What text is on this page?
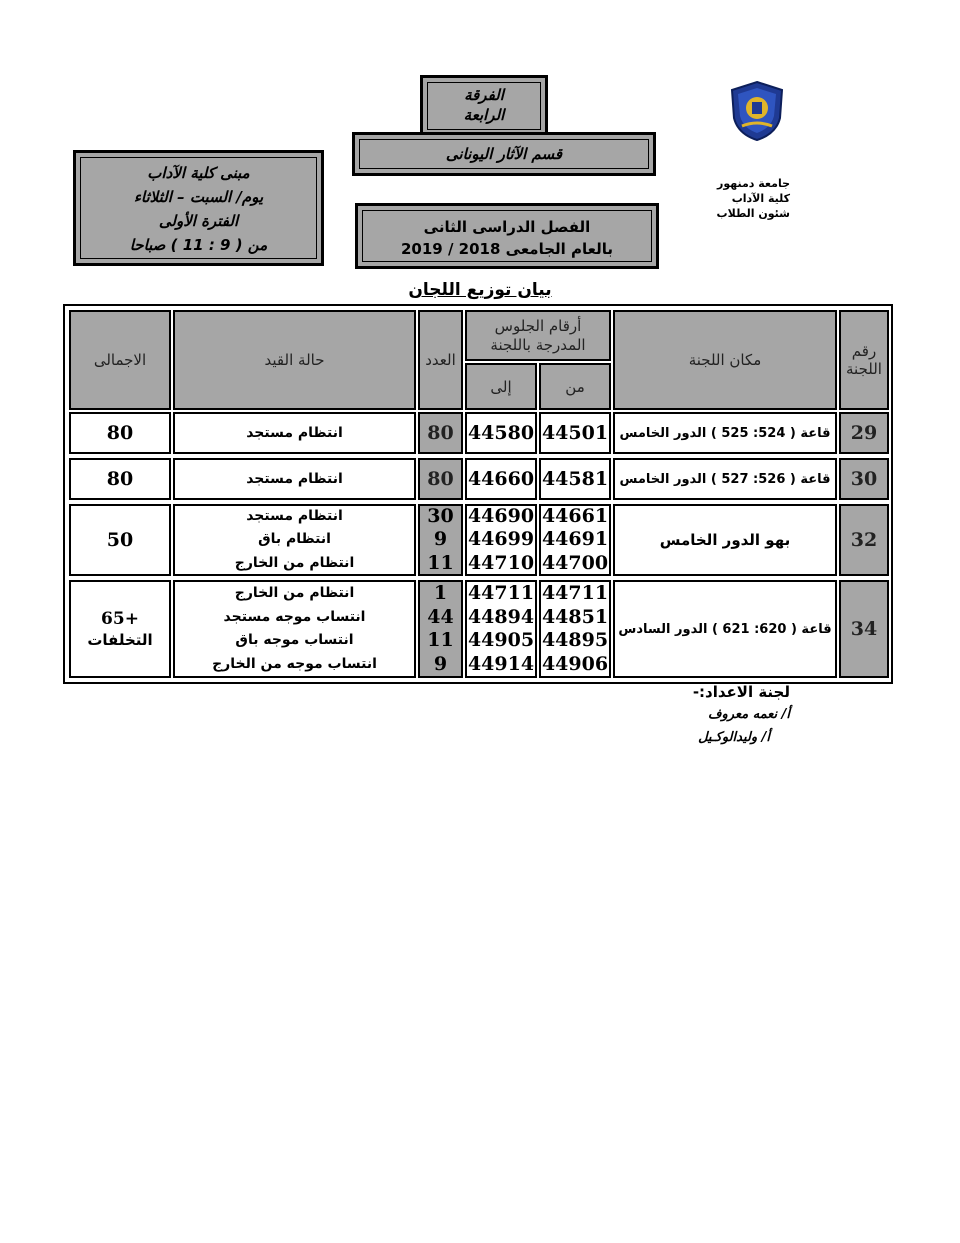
جامعة دمنهور
كلية الآداب
شئون الطلاب
الفرقة
الرابعة
قسم الآثار اليونانى
مبنى كلية الآداب
يوم/ السبت – الثلاثاء
الفترة الأولى
من ( 9 : 11 ) صباحا
الفصل الدراسى الثانى
بالعام الجامعى 2018 / 2019
بيان توزيع اللجان
رقم
اللجنة
مكان اللجنة
أرقام الجلوس
المدرجة باللجنة
من
إلى
العدد
حالة القيد
الاجمالى
29
قاعة ( 524: 525 ) الدور الخامس
44501
44580
80
انتظام مستجد
80
30
قاعة ( 526: 527 ) الدور الخامس
44581
44660
80
انتظام مستجد
80
32
بهو الدور الخامس
44661
44691
44700
44690
44699
44710
30
9
11
انتظام مستجد
انتظام باق
انتظام من الخارج
50
34
قاعة ( 620: 621 ) الدور السادس
44711
44851
44895
44906
44711
44894
44905
44914
1
44
11
9
انتظام من الخارج
انتساب موجه مستجد
انتساب موجه باق
انتساب موجه من الخارج
65+
التخلفات
لجنة الاعداد:-
أ/ نعمه معروف
أ/ وليدالوكـيل
